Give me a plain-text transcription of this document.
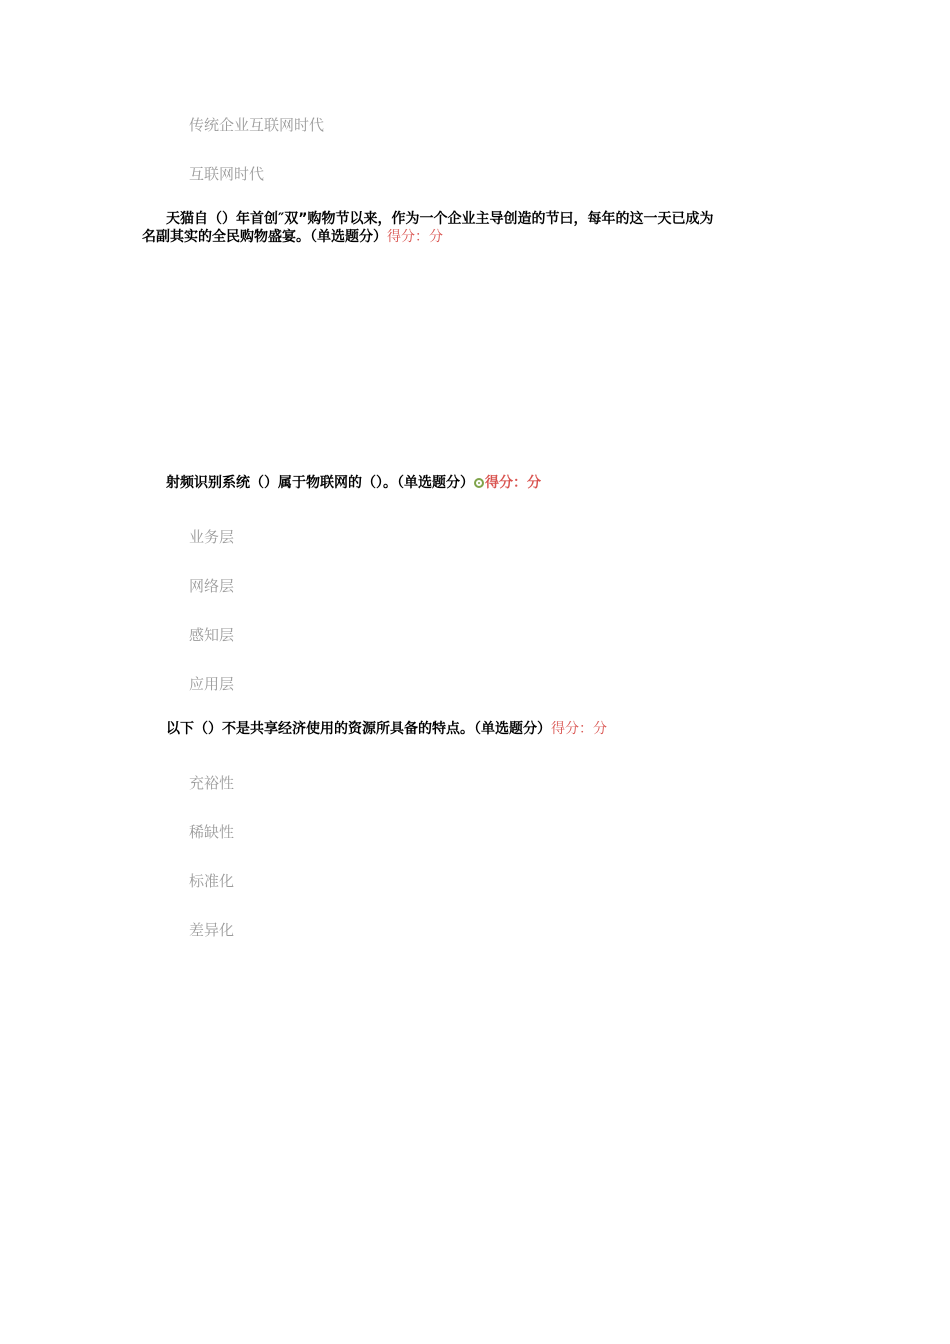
传统企业互联网时代
互联网时代
天猫自（）年首创″双”购物节以来，作为一个企业主导创造的节曰，每年的这一天已成为
名副其实的全民购物盛宴。（单选题分）得分：分
射频识别系统（）属于物联网的（）。（单选题分） 得分：分
业务层
网络层
感知层
应用层
以下（）不是共享经济使用的资源所具备的特点。（单选题分）得分：分
充裕性
稀缺性
标准化
差异化
